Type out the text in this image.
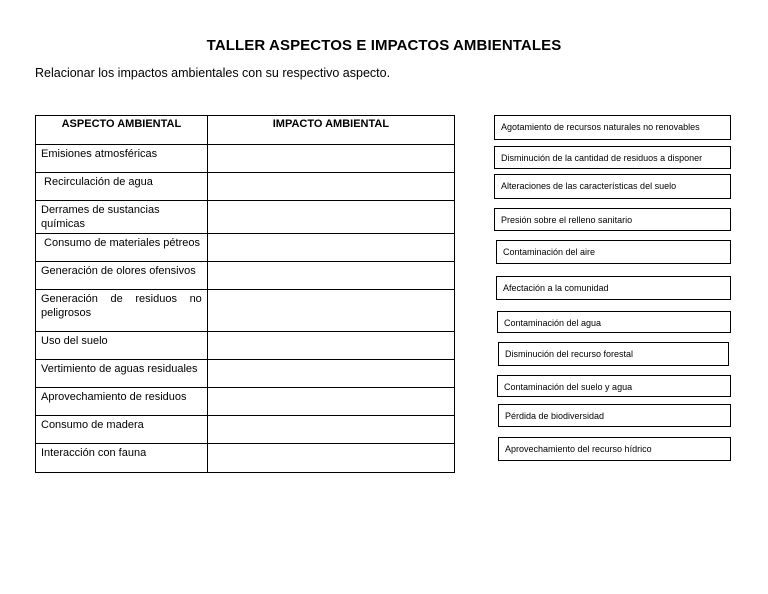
TALLER ASPECTOS E IMPACTOS AMBIENTALES
Relacionar los impactos ambientales con su respectivo aspecto.
ASPECTO AMBIENTAL	IMPACTO AMBIENTAL

Emisiones atmosféricas	

Recirculación de agua	

Derrames de sustancias químicas	

Consumo de materiales pétreos	

Generación de olores ofensivos	

Generación de residuos no peligrosos	

Uso del suelo	

Vertimiento de aguas residuales	

Aprovechamiento de residuos	

Consumo de madera	

Interacción con fauna	

Agotamiento de recursos naturales no renovables
Disminución de la cantidad de residuos a disponer
Alteraciones de las características del suelo
Presión sobre el relleno sanitario
Contaminación del aire
Afectación a la comunidad
Contaminación del agua
Disminución del recurso forestal
Contaminación del suelo y agua
Pérdida de biodiversidad
Aprovechamiento del recurso hídrico
